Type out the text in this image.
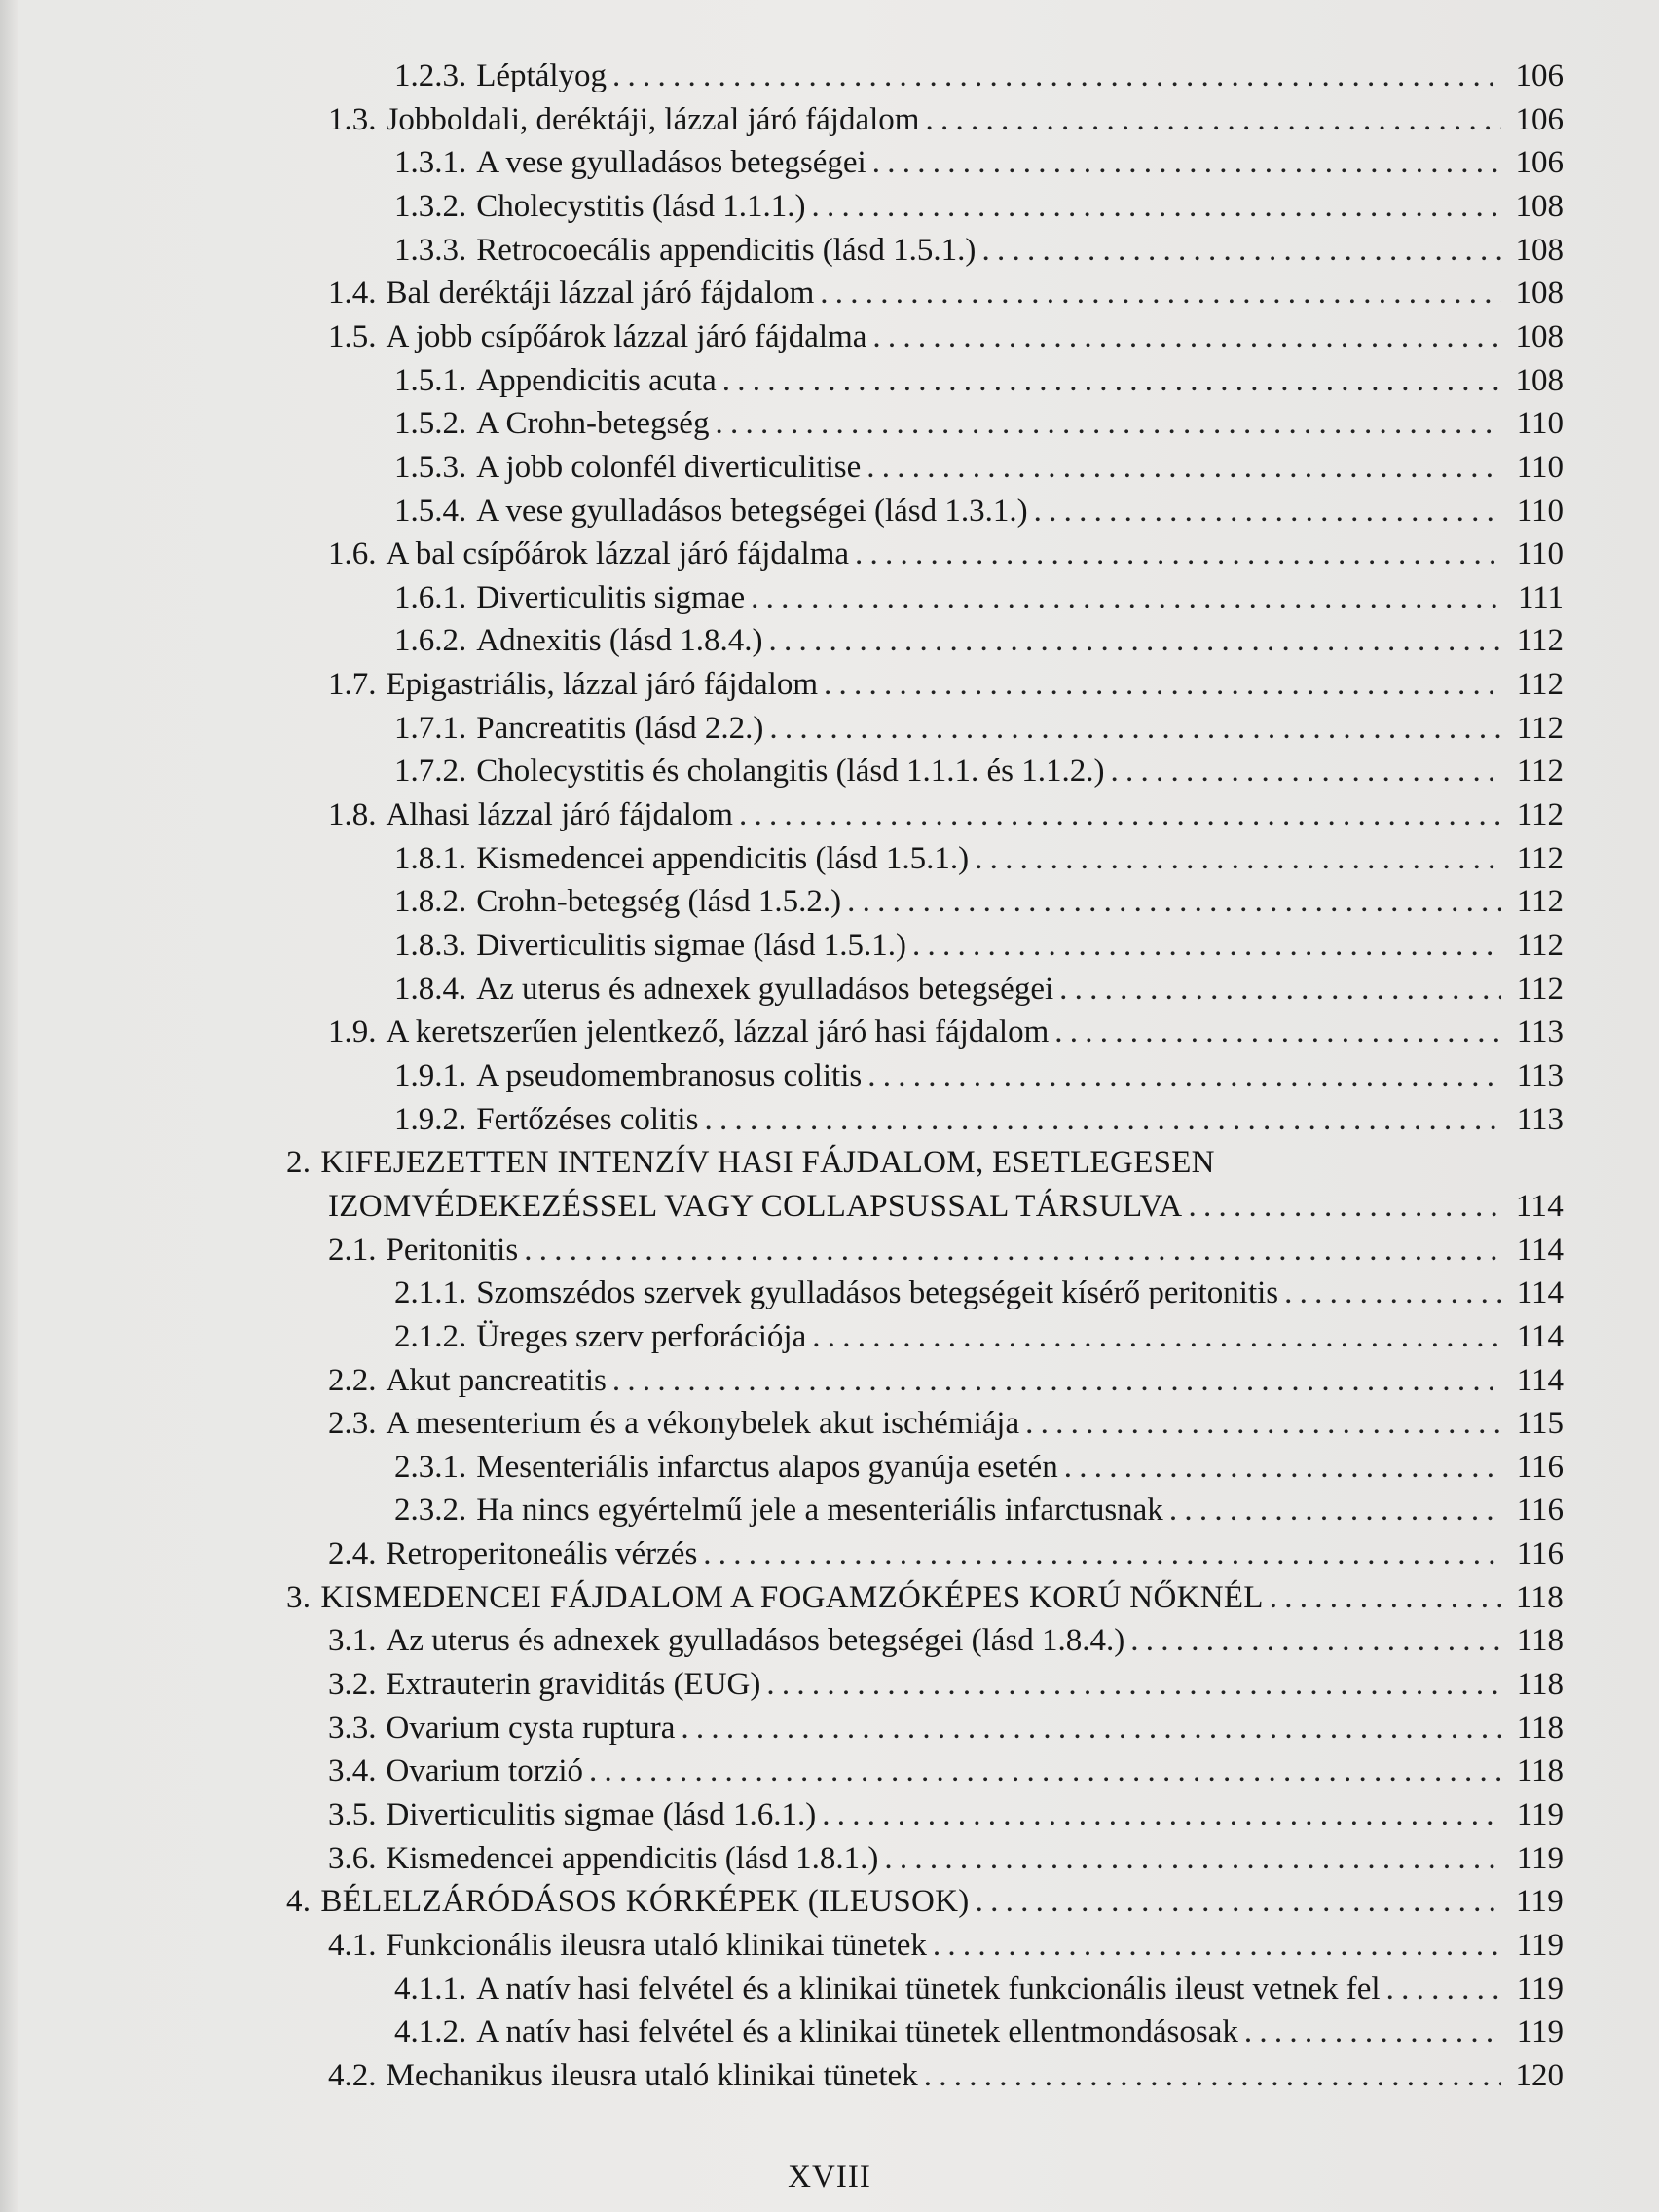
1.2.3. Léptályog . . .	106
1.3. Jobboldali, deréktáji, lázzal járó fájdalom . . .	106
1.3.1. A vese gyulladásos betegségei . . .	106
1.3.2. Cholecystitis (lásd 1.1.1.) . . .	108
1.3.3. Retrocoecális appendicitis (lásd 1.5.1.) . . .	108
1.4. Bal deréktáji lázzal járó fájdalom . . .	108
1.5. A jobb csípőárok lázzal járó fájdalma . . .	108
1.5.1. Appendicitis acuta . . .	108
1.5.2. A Crohn-betegség . . .	110
1.5.3. A jobb colonfél diverticulitise . . .	110
1.5.4. A vese gyulladásos betegségei (lásd 1.3.1.) . . .	110
1.6. A bal csípőárok lázzal járó fájdalma . . .	110
1.6.1. Diverticulitis sigmae . . .	111
1.6.2. Adnexitis (lásd 1.8.4.) . . .	112
1.7. Epigastriális, lázzal járó fájdalom . . .	112
1.7.1. Pancreatitis (lásd 2.2.) . . .	112
1.7.2. Cholecystitis és cholangitis (lásd 1.1.1. és 1.1.2.) . . .	112
1.8. Alhasi lázzal járó fájdalom . . .	112
1.8.1. Kismedencei appendicitis (lásd 1.5.1.) . . .	112
1.8.2. Crohn-betegség (lásd 1.5.2.) . . .	112
1.8.3. Diverticulitis sigmae (lásd 1.5.1.) . . .	112
1.8.4. Az uterus és adnexek gyulladásos betegségei . . .	112
1.9. A keretszerűen jelentkező, lázzal járó hasi fájdalom . . .	113
1.9.1. A pseudomembranosus colitis . . .	113
1.9.2. Fertőzéses colitis . . .	113
2. KIFEJEZETTEN INTENZÍV HASI FÁJDALOM, ESETLEGESEN
IZOMVÉDEKEZÉSSEL VAGY COLLAPSUSSAL TÁRSULVA . . .	114
2.1. Peritonitis . . .	114
2.1.1. Szomszédos szervek gyulladásos betegségeit kísérő peritonitis . . .	114
2.1.2. Üreges szerv perforációja . . .	114
2.2. Akut pancreatitis . . .	114
2.3. A mesenterium és a vékonybelek akut ischémiája . . .	115
2.3.1. Mesenteriális infarctus alapos gyanúja esetén . . .	116
2.3.2. Ha nincs egyértelmű jele a mesenteriális infarctusnak . . .	116
2.4. Retroperitoneális vérzés . . .	116
3. KISMEDENCEI FÁJDALOM A FOGAMZÓKÉPES KORÚ NŐKNÉL . . .	118
3.1. Az uterus és adnexek gyulladásos betegségei (lásd 1.8.4.) . . .	118
3.2. Extrauterin graviditás (EUG) . . .	118
3.3. Ovarium cysta ruptura . . .	118
3.4. Ovarium torzió . . .	118
3.5. Diverticulitis sigmae (lásd 1.6.1.) . . .	119
3.6. Kismedencei appendicitis (lásd 1.8.1.) . . .	119
4. BÉLELZÁRÓDÁSOS KÓRKÉPEK (ILEUSOK) . . .	119
4.1. Funkcionális ileusra utaló klinikai tünetek . . .	119
4.1.1. A natív hasi felvétel és a klinikai tünetek funkcionális ileust vetnek fel . . .	119
4.1.2. A natív hasi felvétel és a klinikai tünetek ellentmondásosak . . .	119
4.2. Mechanikus ileusra utaló klinikai tünetek . . .	120
XVIII
